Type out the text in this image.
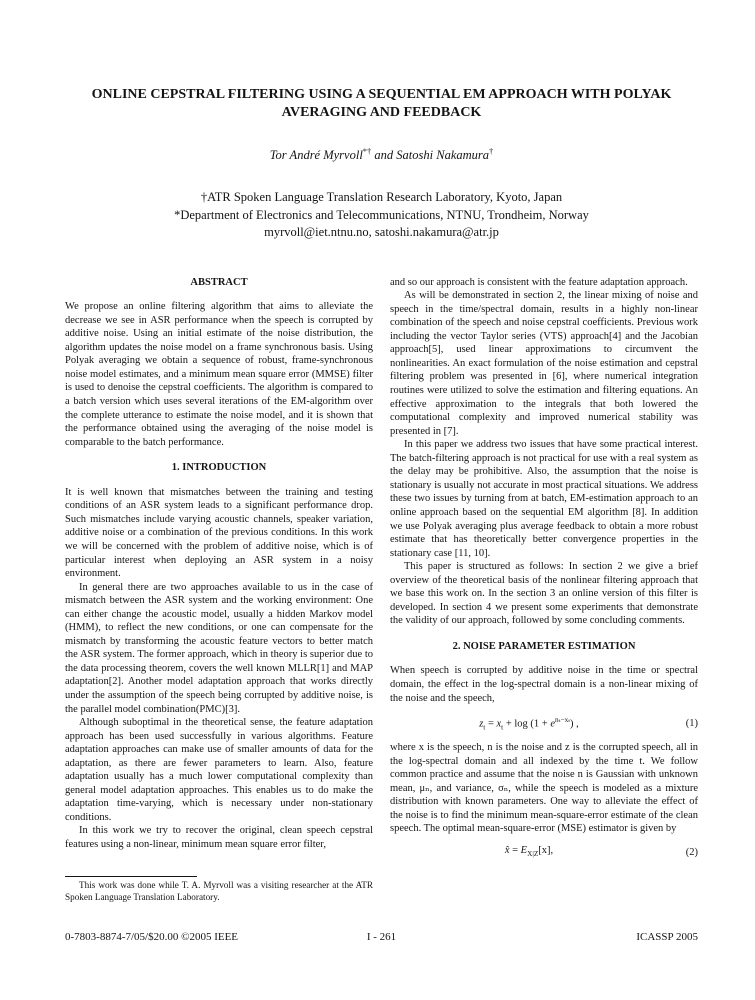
ONLINE CEPSTRAL FILTERING USING A SEQUENTIAL EM APPROACH WITH POLYAK AVERAGING AND FEEDBACK
Tor André Myrvoll*† and Satoshi Nakamura†
†ATR Spoken Language Translation Research Laboratory, Kyoto, Japan
*Department of Electronics and Telecommunications, NTNU, Trondheim, Norway
myrvoll@iet.ntnu.no, satoshi.nakamura@atr.jp
ABSTRACT

We propose an online filtering algorithm that aims to alleviate the decrease we see in ASR performance when the speech is corrupted by additive noise. Using an initial estimate of the noise distribution, the algorithm updates the noise model on a frame synchronous basis. Using Polyak averaging we obtain a sequence of robust, frame-synchronous noise model estimates, and a minimum mean square error (MMSE) filter is used to denoise the cepstral coefficients. The algorithm is compared to a batch version which uses several iterations of the EM-algorithm over the complete utterance to estimate the noise model, and it is shown that the performance obtained using the averaging of the noise model is comparable to the batch performance.

1. INTRODUCTION

It is well known that mismatches between the training and testing conditions of an ASR system leads to a significant performance drop. Such mismatches include varying acoustic channels, speaker variation, additive noise or a combination of the previous conditions. In this work we will be concerned with the problem of additive noise, which is of particular interest when deploying an ASR system in a noisy environment.

In general there are two approaches available to us in the case of mismatch between the ASR system and the working environment: One can either change the acoustic model, usually a hidden Markov model (HMM), to reflect the new conditions, or one can compensate for the mismatch by transforming the acoustic feature vectors to better match the ASR system. The former approach, which in theory is superior due to the data processing theorem, covers the well known MLLR[1] and MAP adaptation[2]. Another model adaptation approach that works directly under the assumption of the speech being corrupted by additive noise, is the parallel model combination(PMC)[3].

Although suboptimal in the theoretical sense, the feature adaptation approach has been used successfully in various algorithms. Feature adaptation approaches can make use of smaller amounts of data for the adaptation, as there are fewer parameters to learn. Also, feature adaptation usually has a much lower computational complexity than general model adaptation approaches. This enables us to do make the adaptation time-varying, which is necessary under non-stationary conditions.

In this work we try to recover the original, clean speech cepstral features using a non-linear, minimum mean square error filter,

This work was done while T. A. Myrvoll was a visiting researcher at the ATR Spoken Language Translation Laboratory.

and so our approach is consistent with the feature adaptation approach.

As will be demonstrated in section 2, the linear mixing of noise and speech in the time/spectral domain, results in a highly non-linear combination of the speech and noise cepstral coefficients. Previous work including the vector Taylor series (VTS) approach[4] and the Jacobian approach[5], used linear approximations to circumvent the nonlinearities. An exact formulation of the noise estimation and cepstral filtering problem was presented in [6], where numerical integration routines were utilized to solve the estimation and filtering equations. An effective approximation to the integrals that both lowered the computational complexity and improved numerical stability was presented in [7].

In this paper we address two issues that have some practical interest. The batch-filtering approach is not practical for use with a real system as the delay may be prohibitive. Also, the assumption that the noise is stationary is usually not accurate in most practical situations. We address these two issues by turning from at batch, EM-estimation approach to an online approach based on the sequential EM algorithm [8]. In addition we use Polyak averaging plus average feedback to obtain a more robust estimate that has theoretically better convergence properties in the stationary case [11, 10].

This paper is structured as follows: In section 2 we give a brief overview of the theoretical basis of the nonlinear filtering approach that we base this work on. In the section 3 an online version of this filter is developed. In section 4 we present some experiments that demonstrate the validity of our approach, followed by some concluding comments.

2. NOISE PARAMETER ESTIMATION

When speech is corrupted by additive noise in the time or spectral domain, the effect in the log-spectral domain is a non-linear mixing of the noise and the speech,

$z_t = x_t + \log (1 + e^{n_t-x_t})$ ,	(1)

where x is the speech, n is the noise and z is the corrupted speech, all in the log-spectral domain and all indexed by the time t. We follow common practice and assume that the noise n is Gaussian with unknown mean, μₙ, and variance, σₙ, while the speech is modeled as a mixture distribution with known parameters. One way to alleviate the effect of the noise is to find the minimum mean-square-error estimate of the clean speech. The optimal mean-square-error (MSE) estimator is given by

x̂ = $E_{X|Z}[x]$,	(2)
0-7803-8874-7/05/$20.00 ©2005 IEEE	I - 261	ICASSP 2005
